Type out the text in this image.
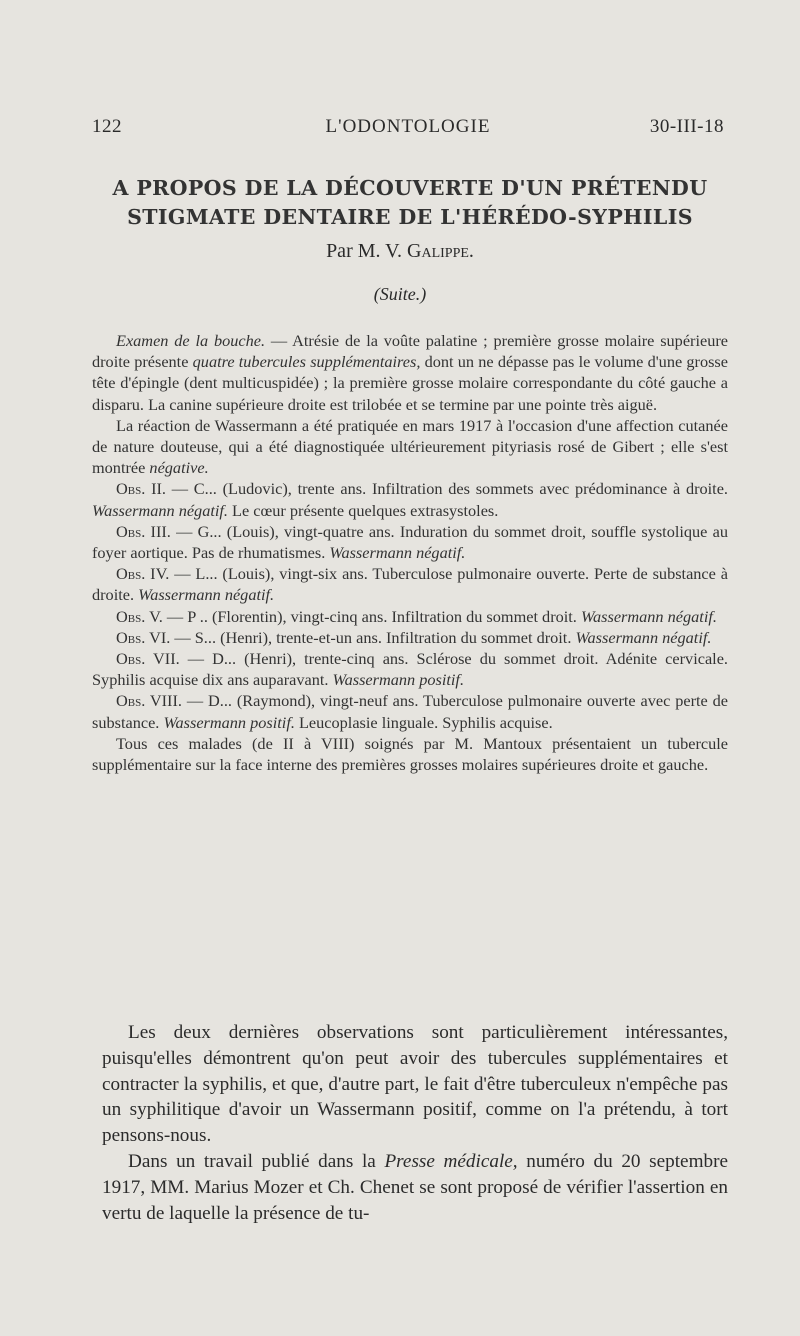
122	L'ODONTOLOGIE	30-III-18
A PROPOS DE LA DÉCOUVERTE D'UN PRÉTENDU
STIGMATE DENTAIRE DE L'HÉRÉDO-SYPHILIS
Par M. V. Galippe.
(Suite.)

Examen de la bouche. — Atrésie de la voûte palatine ; première grosse molaire supérieure droite présente quatre tubercules supplémentaires, dont un ne dépasse pas le volume d'une grosse tête d'épingle (dent multicuspidée) ; la première grosse molaire correspondante du côté gauche a disparu. La canine supérieure droite est trilobée et se termine par une pointe très aiguë.

La réaction de Wassermann a été pratiquée en mars 1917 à l'occasion d'une affection cutanée de nature douteuse, qui a été diagnostiquée ultérieurement pityriasis rosé de Gibert ; elle s'est montrée négative.

Obs. II. — C... (Ludovic), trente ans. Infiltration des sommets avec prédominance à droite. Wassermann négatif. Le cœur présente quelques extrasystoles.

Obs. III. — G... (Louis), vingt-quatre ans. Induration du sommet droit, souffle systolique au foyer aortique. Pas de rhumatismes. Wassermann négatif.

Obs. IV. — L... (Louis), vingt-six ans. Tuberculose pulmonaire ouverte. Perte de substance à droite. Wassermann négatif.

Obs. V. — P .. (Florentin), vingt-cinq ans. Infiltration du sommet droit. Wassermann négatif.

Obs. VI. — S... (Henri), trente-et-un ans. Infiltration du sommet droit. Wassermann négatif.

Obs. VII. — D... (Henri), trente-cinq ans. Sclérose du sommet droit. Adénite cervicale. Syphilis acquise dix ans auparavant. Wassermann positif.

Obs. VIII. — D... (Raymond), vingt-neuf ans. Tuberculose pulmonaire ouverte avec perte de substance. Wassermann positif. Leucoplasie linguale. Syphilis acquise.

Tous ces malades (de II à VIII) soignés par M. Mantoux présentaient un tubercule supplémentaire sur la face interne des premières grosses molaires supérieures droite et gauche.

Les deux dernières observations sont particulièrement intéressantes, puisqu'elles démontrent qu'on peut avoir des tubercules supplémentaires et contracter la syphilis, et que, d'autre part, le fait d'être tuberculeux n'empêche pas un syphilitique d'avoir un Wassermann positif, comme on l'a prétendu, à tort pensons-nous.

Dans un travail publié dans la Presse médicale, numéro du 20 septembre 1917, MM. Marius Mozer et Ch. Chenet se sont proposé de vérifier l'assertion en vertu de laquelle la présence de tu-
